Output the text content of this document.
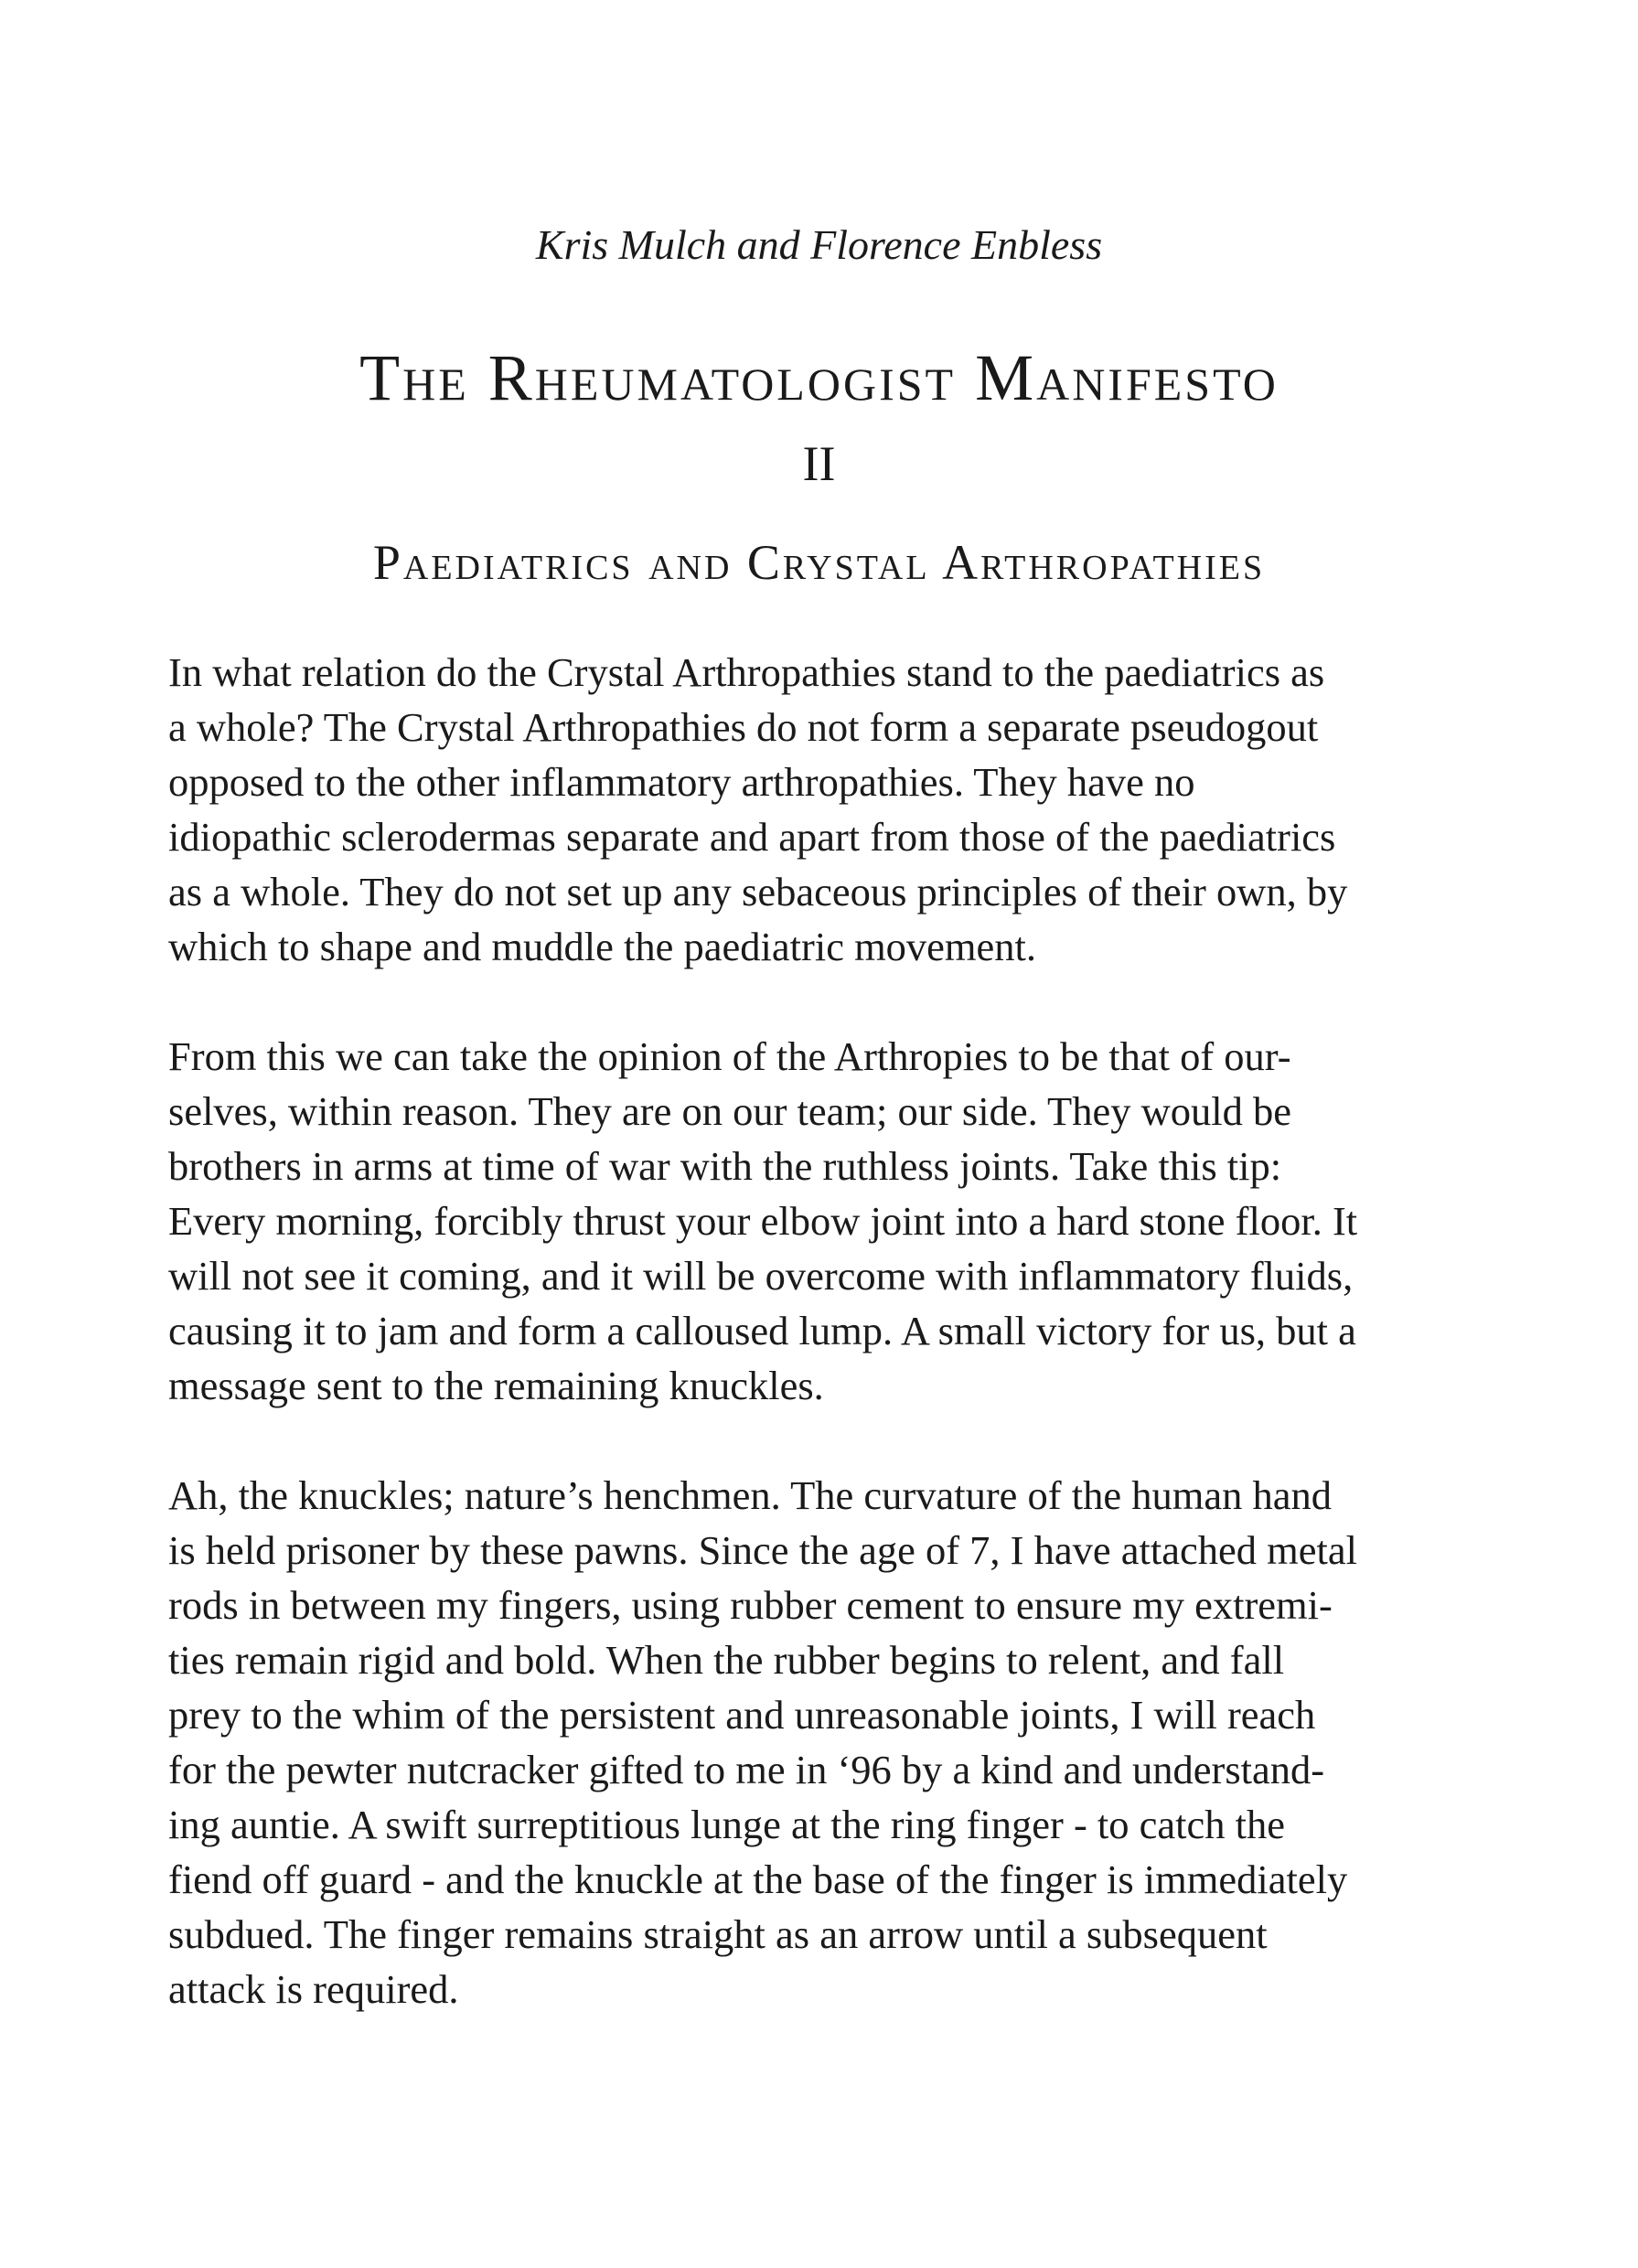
Kris Mulch and Florence Enbless

The Rheumatologist Manifesto
II
Paediatrics and Crystal Arthropathies

In what relation do the Crystal Arthropathies stand to the paediatrics as
a whole? The Crystal Arthropathies do not form a separate pseudogout
opposed to the other inflammatory arthropathies. They have no
idiopathic sclerodermas separate and apart from those of the paediatrics
as a whole. They do not set up any sebaceous principles of their own, by
which to shape and muddle the paediatric movement.

From this we can take the opinion of the Arthropies to be that of our-
selves, within reason. They are on our team; our side. They would be
brothers in arms at time of war with the ruthless joints. Take this tip:
Every morning, forcibly thrust your elbow joint into a hard stone floor. It
will not see it coming, and it will be overcome with inflammatory fluids,
causing it to jam and form a calloused lump. A small victory for us, but a
message sent to the remaining knuckles.

Ah, the knuckles; nature’s henchmen. The curvature of the human hand
is held prisoner by these pawns. Since the age of 7, I have attached metal
rods in between my fingers, using rubber cement to ensure my extremi-
ties remain rigid and bold. When the rubber begins to relent, and fall
prey to the whim of the persistent and unreasonable joints, I will reach
for the pewter nutcracker gifted to me in ‘96 by a kind and understand-
ing auntie. A swift surreptitious lunge at the ring finger - to catch the
fiend off guard - and the knuckle at the base of the finger is immediately
subdued. The finger remains straight as an arrow until a subsequent
attack is required.
